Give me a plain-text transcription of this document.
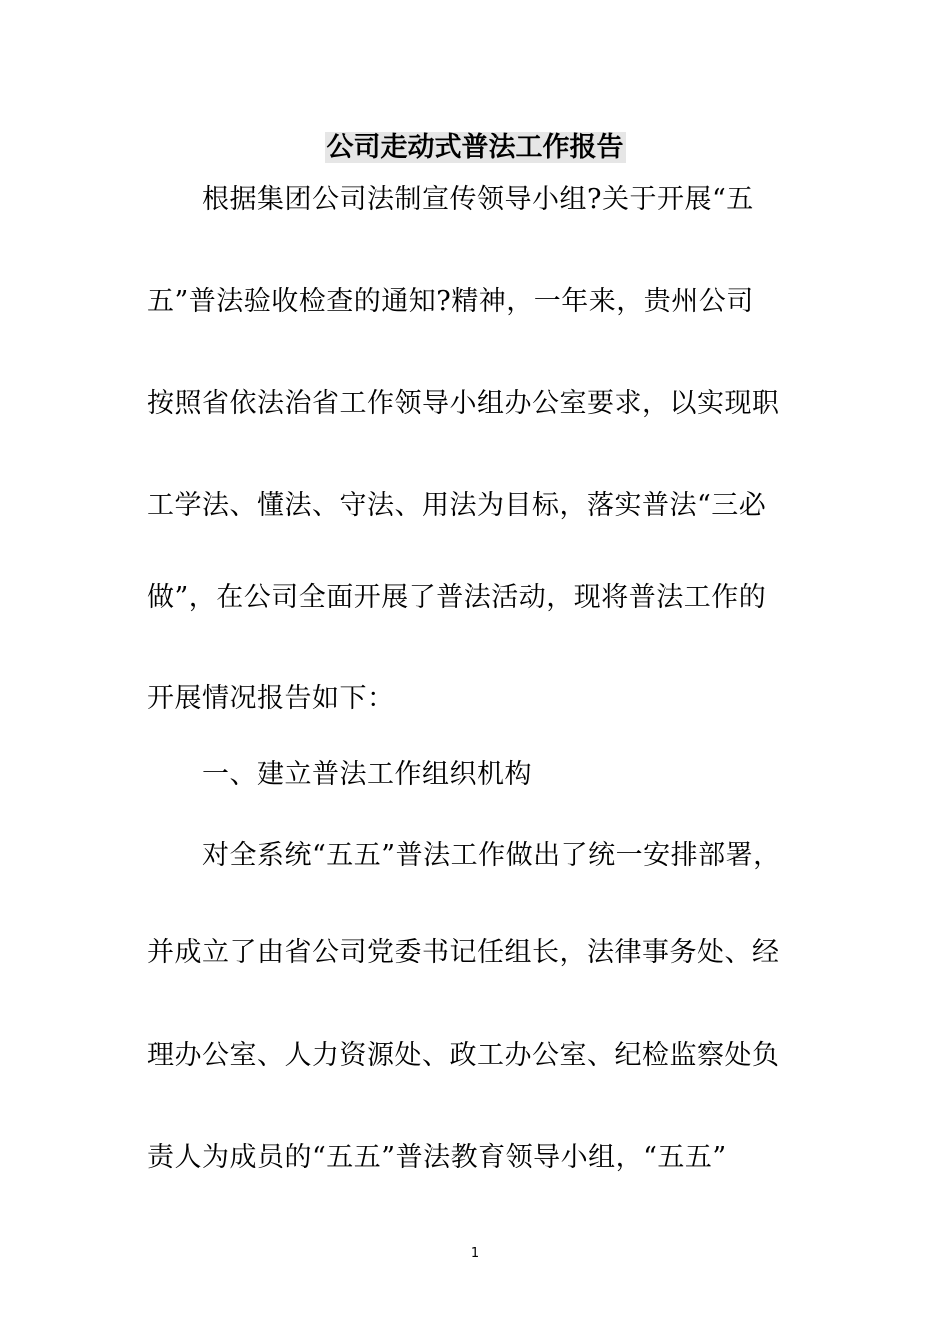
公司走动式普法工作报告
根据集团公司法制宣传领导小组?关于开展“五
五”普法验收检查的通知?精神，一年来，贵州公司
按照省依法治省工作领导小组办公室要求，以实现职
工学法、懂法、守法、用法为目标，落实普法“三必
做”，在公司全面开展了普法活动，现将普法工作的
开展情况报告如下：
一、建立普法工作组织机构
对全系统“五五”普法工作做出了统一安排部署，
并成立了由省公司党委书记任组长，法律事务处、经
理办公室、人力资源处、政工办公室、纪检监察处负
责人为成员的“五五”普法教育领导小组，“五五”
1
